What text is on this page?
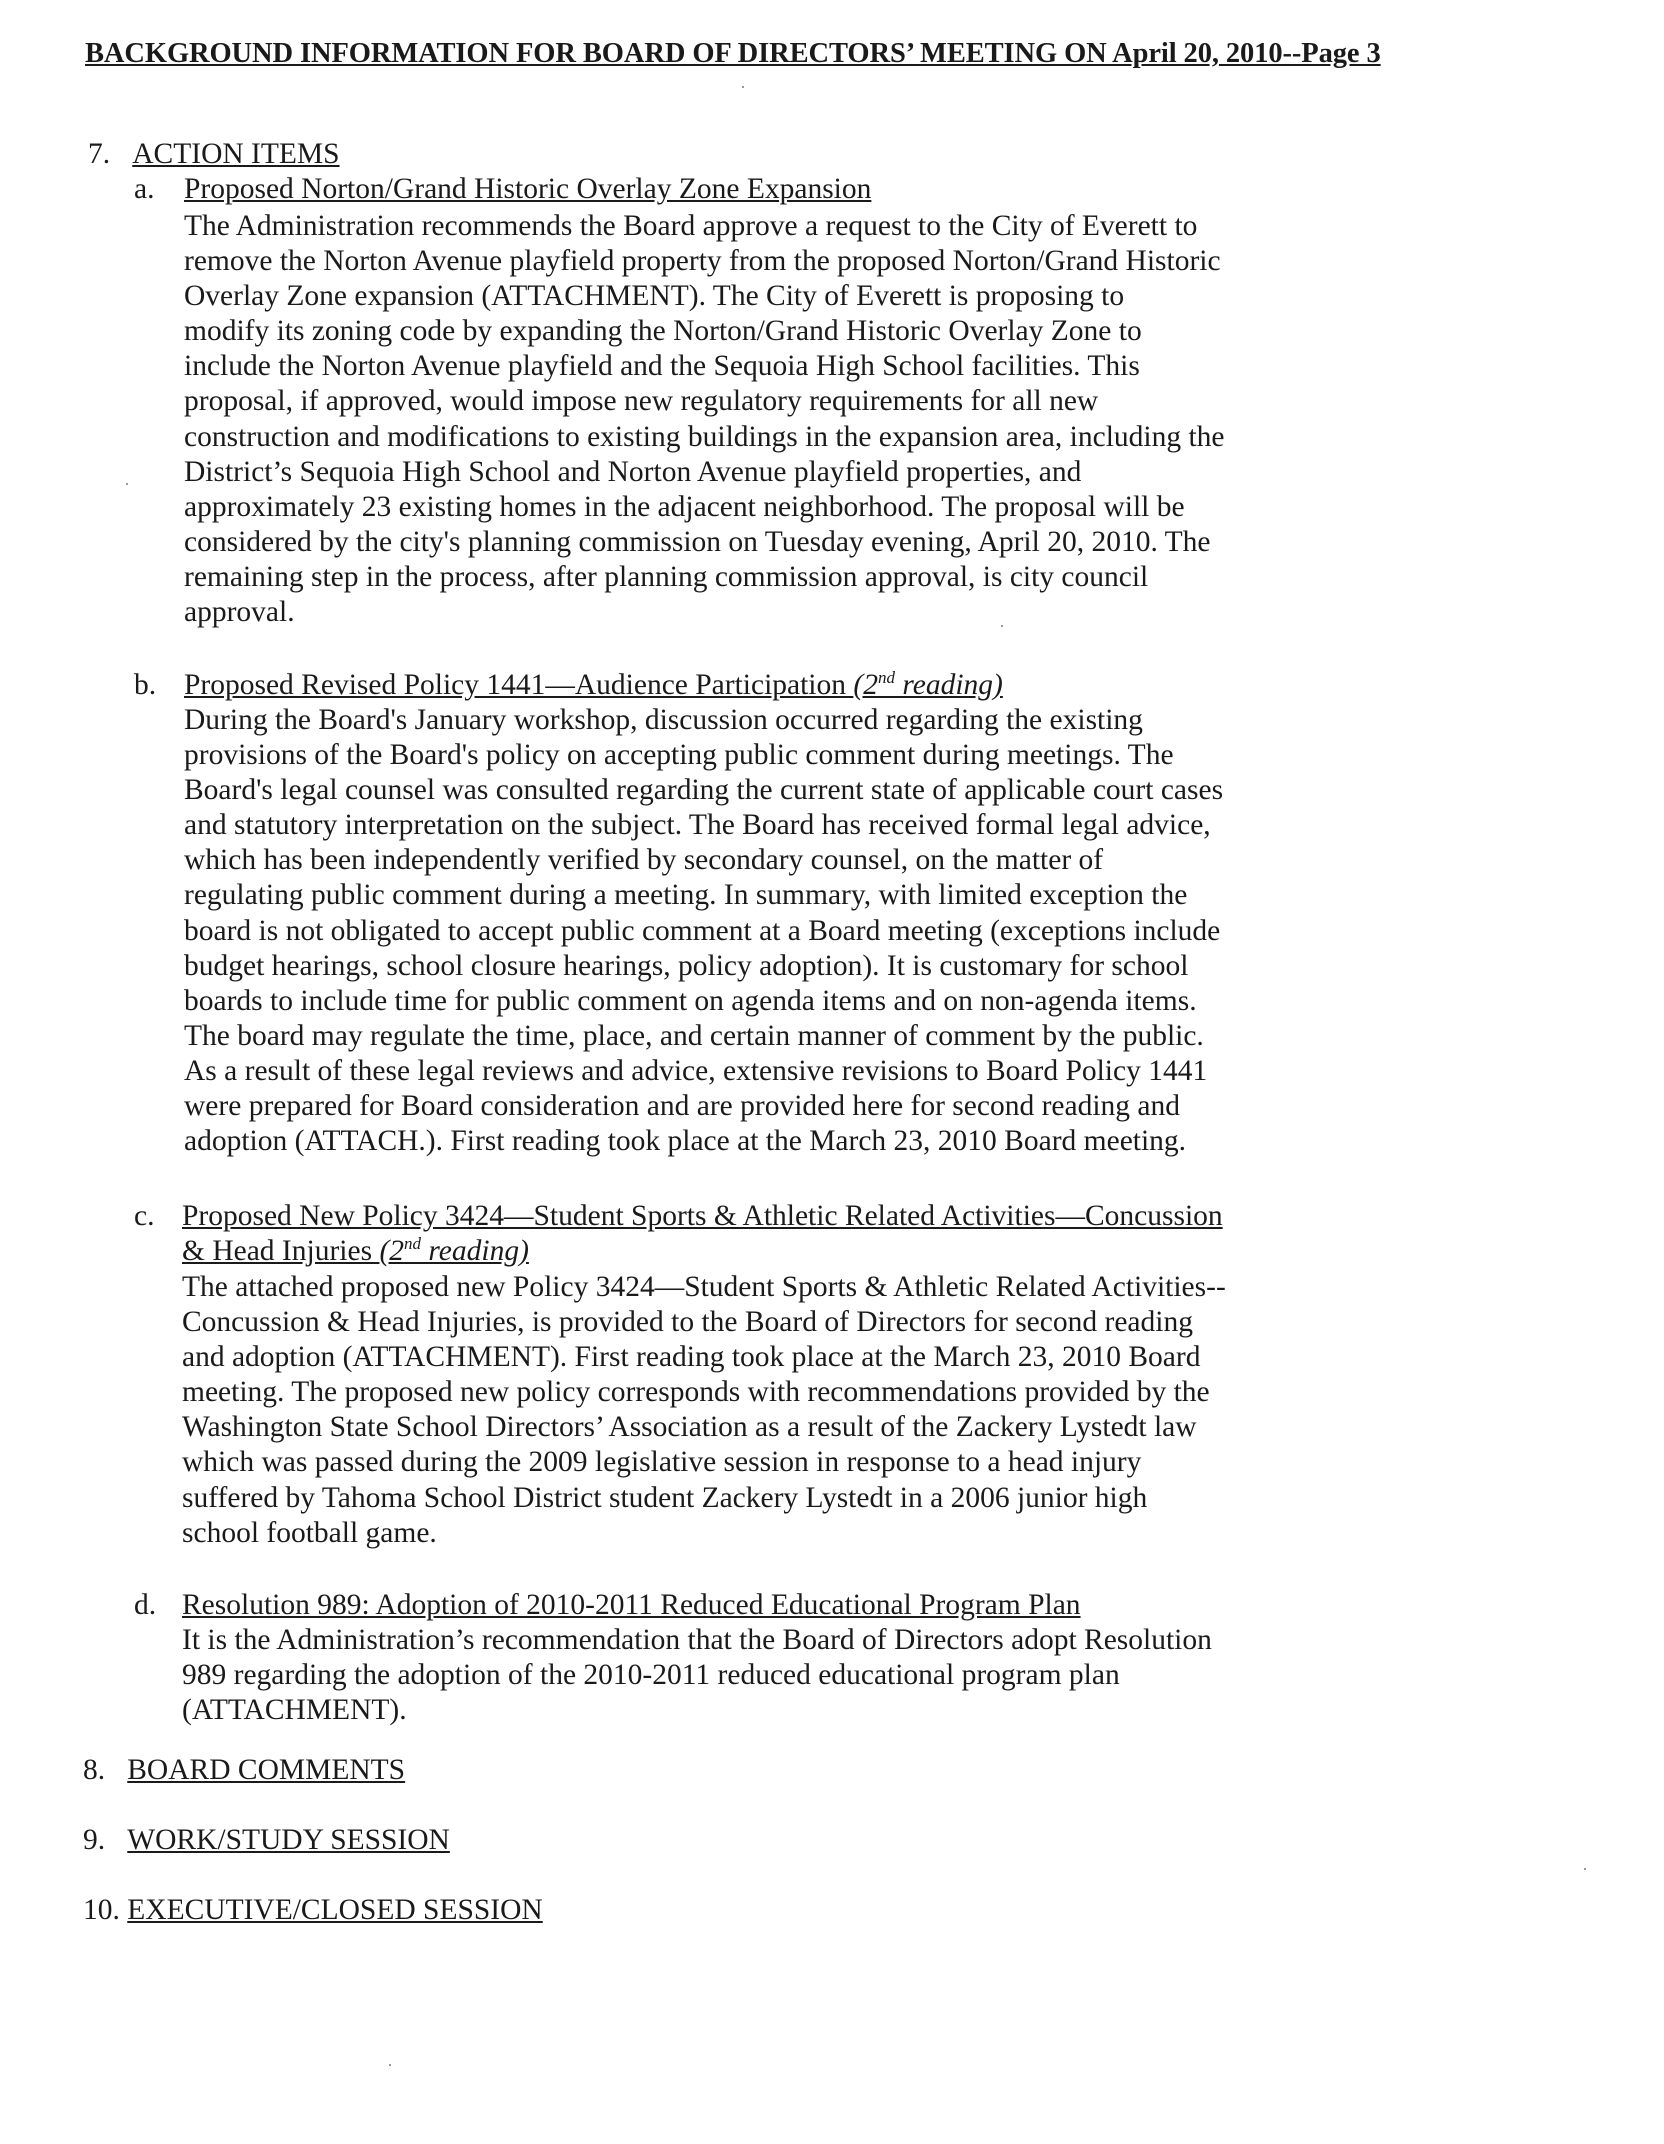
BACKGROUND INFORMATION FOR BOARD OF DIRECTORS’ MEETING ON April 20, 2010--Page 3
7. ACTION ITEMS
a. Proposed Norton/Grand Historic Overlay Zone Expansion
The Administration recommends the Board approve a request to the City of Everett to
remove the Norton Avenue playfield property from the proposed Norton/Grand Historic
Overlay Zone expansion (ATTACHMENT). The City of Everett is proposing to
modify its zoning code by expanding the Norton/Grand Historic Overlay Zone to
include the Norton Avenue playfield and the Sequoia High School facilities. This
proposal, if approved, would impose new regulatory requirements for all new
construction and modifications to existing buildings in the expansion area, including the
District’s Sequoia High School and Norton Avenue playfield properties, and
approximately 23 existing homes in the adjacent neighborhood. The proposal will be
considered by the city's planning commission on Tuesday evening, April 20, 2010. The
remaining step in the process, after planning commission approval, is city council
approval.
b. Proposed Revised Policy 1441—Audience Participation (2nd reading)
During the Board's January workshop, discussion occurred regarding the existing
provisions of the Board's policy on accepting public comment during meetings. The
Board's legal counsel was consulted regarding the current state of applicable court cases
and statutory interpretation on the subject. The Board has received formal legal advice,
which has been independently verified by secondary counsel, on the matter of
regulating public comment during a meeting. In summary, with limited exception the
board is not obligated to accept public comment at a Board meeting (exceptions include
budget hearings, school closure hearings, policy adoption). It is customary for school
boards to include time for public comment on agenda items and on non-agenda items.
The board may regulate the time, place, and certain manner of comment by the public.
As a result of these legal reviews and advice, extensive revisions to Board Policy 1441
were prepared for Board consideration and are provided here for second reading and
adoption (ATTACH.). First reading took place at the March 23, 2010 Board meeting.
c. Proposed New Policy 3424—Student Sports & Athletic Related Activities—Concussion
& Head Injuries (2nd reading)
The attached proposed new Policy 3424—Student Sports & Athletic Related Activities--
Concussion & Head Injuries, is provided to the Board of Directors for second reading
and adoption (ATTACHMENT). First reading took place at the March 23, 2010 Board
meeting. The proposed new policy corresponds with recommendations provided by the
Washington State School Directors’ Association as a result of the Zackery Lystedt law
which was passed during the 2009 legislative session in response to a head injury
suffered by Tahoma School District student Zackery Lystedt in a 2006 junior high
school football game.
d. Resolution 989: Adoption of 2010-2011 Reduced Educational Program Plan
It is the Administration’s recommendation that the Board of Directors adopt Resolution
989 regarding the adoption of the 2010-2011 reduced educational program plan
(ATTACHMENT).
8. BOARD COMMENTS
9. WORK/STUDY SESSION
10. EXECUTIVE/CLOSED SESSION
